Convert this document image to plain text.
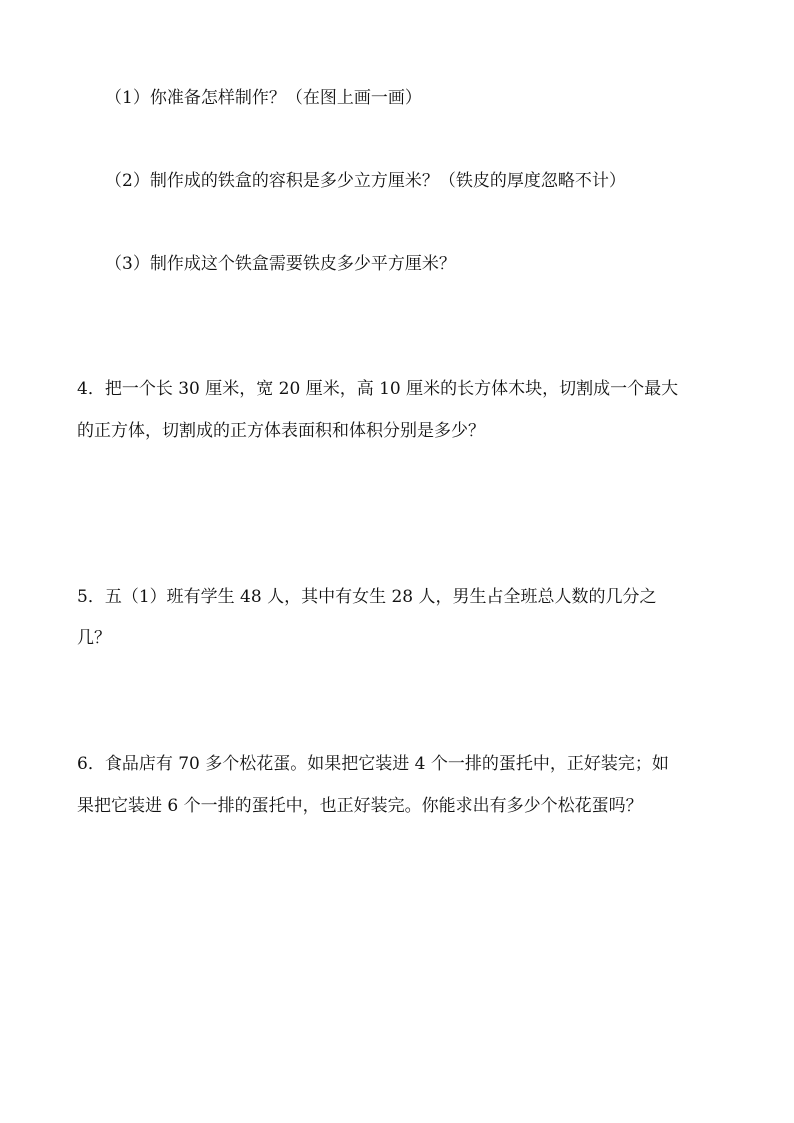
（1）你准备怎样制作？（在图上画一画）
（2）制作成的铁盒的容积是多少立方厘米？（铁皮的厚度忽略不计）
（3）制作成这个铁盒需要铁皮多少平方厘米？
4．把一个长 30 厘米，宽 20 厘米，高 10 厘米的长方体木块，切割成一个最大
的正方体，切割成的正方体表面积和体积分别是多少？
5．五（1）班有学生 48 人，其中有女生 28 人，男生占全班总人数的几分之
几？
6．食品店有 70 多个松花蛋。如果把它装进 4 个一排的蛋托中，正好装完；如
果把它装进 6 个一排的蛋托中，也正好装完。你能求出有多少个松花蛋吗？
